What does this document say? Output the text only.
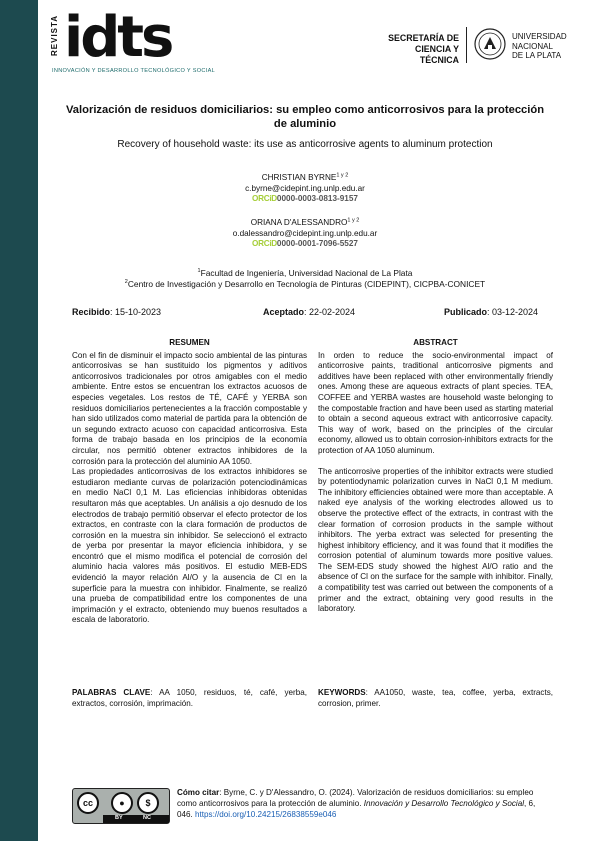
REVISTA idts
INNOVACIÓN Y DESARROLLO TECNOLÓGICO Y SOCIAL
SECRETARÍA DE
CIENCIA Y TÉCNICA
UNIVERSIDAD
NACIONAL
DE LA PLATA
Valorización de residuos domiciliarios: su empleo como anticorrosivos para la protección de aluminio
Recovery of household waste: its use as anticorrosive agents to aluminum protection
CHRISTIAN $BYRNE^{1 y 2}$
c.byrne@cidepint.ing.unlp.edu.ar
ORCiD0000-0003-0813-9157
ORIANA $D'ALESSANDRO^{1 y 2}$
o.dalessandro@cidepint.ing.unlp.edu.ar
ORCiD0000-0001-7096-5527
$^1$Facultad de Ingeniería, Universidad Nacional de La Plata
$^2$Centro de Investigación y Desarrollo en Tecnología de Pinturas (CIDEPINT), CICPBA-CONICET
Recibido: 15-10-2023	Aceptado: 22-02-2024	Publicado: 03-12-2024
RESUMEN

Con el fin de disminuir el impacto socio ambiental de las pinturas anticorrosivas se han sustituido los pigmentos y aditivos anticorrosivos tradicionales por otros amigables con el medio ambiente. Entre estos se encuentran los extractos acuosos de especies vegetales. Los restos de TÉ, CAFÉ y YERBA son residuos domiciliarios pertenecientes a la fracción compostable y han sido utilizados como material de partida para la obtención de un segundo extracto acuoso con capacidad anticorrosiva. Esta forma de trabajo basada en los principios de la economía circular, nos permitió obtener extractos inhibidores de la corrosión para la protección del aluminio AA 1050.

Las propiedades anticorrosivas de los extractos inhibidores se estudiaron mediante curvas de polarización potenciodinámicas en medio NaCl 0,1 M. Las eficiencias inhibidoras obtenidas resultaron más que aceptables. Un análisis a ojo desnudo de los electrodos de trabajo permitió observar el efecto protector de los extractos, en contraste con la clara formación de productos de corrosión en la muestra sin inhibidor. Se seleccionó el extracto de yerba por presentar la mayor eficiencia inhibidora, y se encontró que el mismo modifica el potencial de corrosión del aluminio hacia valores más positivos. El estudio MEB-EDS evidenció la mayor relación Al/O y la ausencia de Cl en la superficie para la muestra con inhibidor. Finalmente, se realizó una prueba de compatibilidad entre los componentes de una imprimación y el extracto, obteniendo muy buenos resultados a escala de laboratorio.

PALABRAS CLAVE: AA 1050, residuos, té, café, yerba, extractos, corrosión, imprimación.
ABSTRACT

In orden to reduce the socio-environmental impact of anticorrosive paints, traditional anticorrosive pigments and additives have been replaced with other environmentally friendly ones. Among these are aqueous extracts of plant species. TEA, COFFEE and YERBA wastes are household waste belonging to the compostable fraction and have been used as starting material to obtain a second aqueous extract with anticorrosive capacity. This way of work, based on the principles of the circular economy, allowed us to obtain corrosion-inhibitors extracts for the protection of AA 1050 aluminum.

The anticorrosive properties of the inhibitor extracts were studied by potentiodynamic polarization curves in NaCl 0,1 M medium. The inhibitory efficiencies obtained were more than acceptable. A naked eye analysis of the working electrodes allowed us to observe the protective effect of the extracts, in contrast with the clear formation of corrosion products in the sample without inhibitors. The yerba extract was selected for presenting the highest inhibitory efficiency, and it was found that it modifies the corrosion potential of aluminum towards more positive values. The SEM-EDS study showed the highest Al/O ratio and the absence of Cl on the surface for the sample with inhibitor. Finally, a compatibility test was carried out between the components of a primer and the extract, obtaining very good results in the laboratory.

KEYWORDS: AA1050, waste, tea, coffee, yerba, extracts, corrosion, primer.
cc	●	$
BY	NC
Cómo citar: Byrne, C. y D'Alessandro, O. (2024). Valorización de residuos domiciliarios: su empleo como anticorrosivos para la protección de aluminio. Innovación y Desarrollo Tecnológico y Social, 6, 046. https://doi.org/10.24215/26838559e046
